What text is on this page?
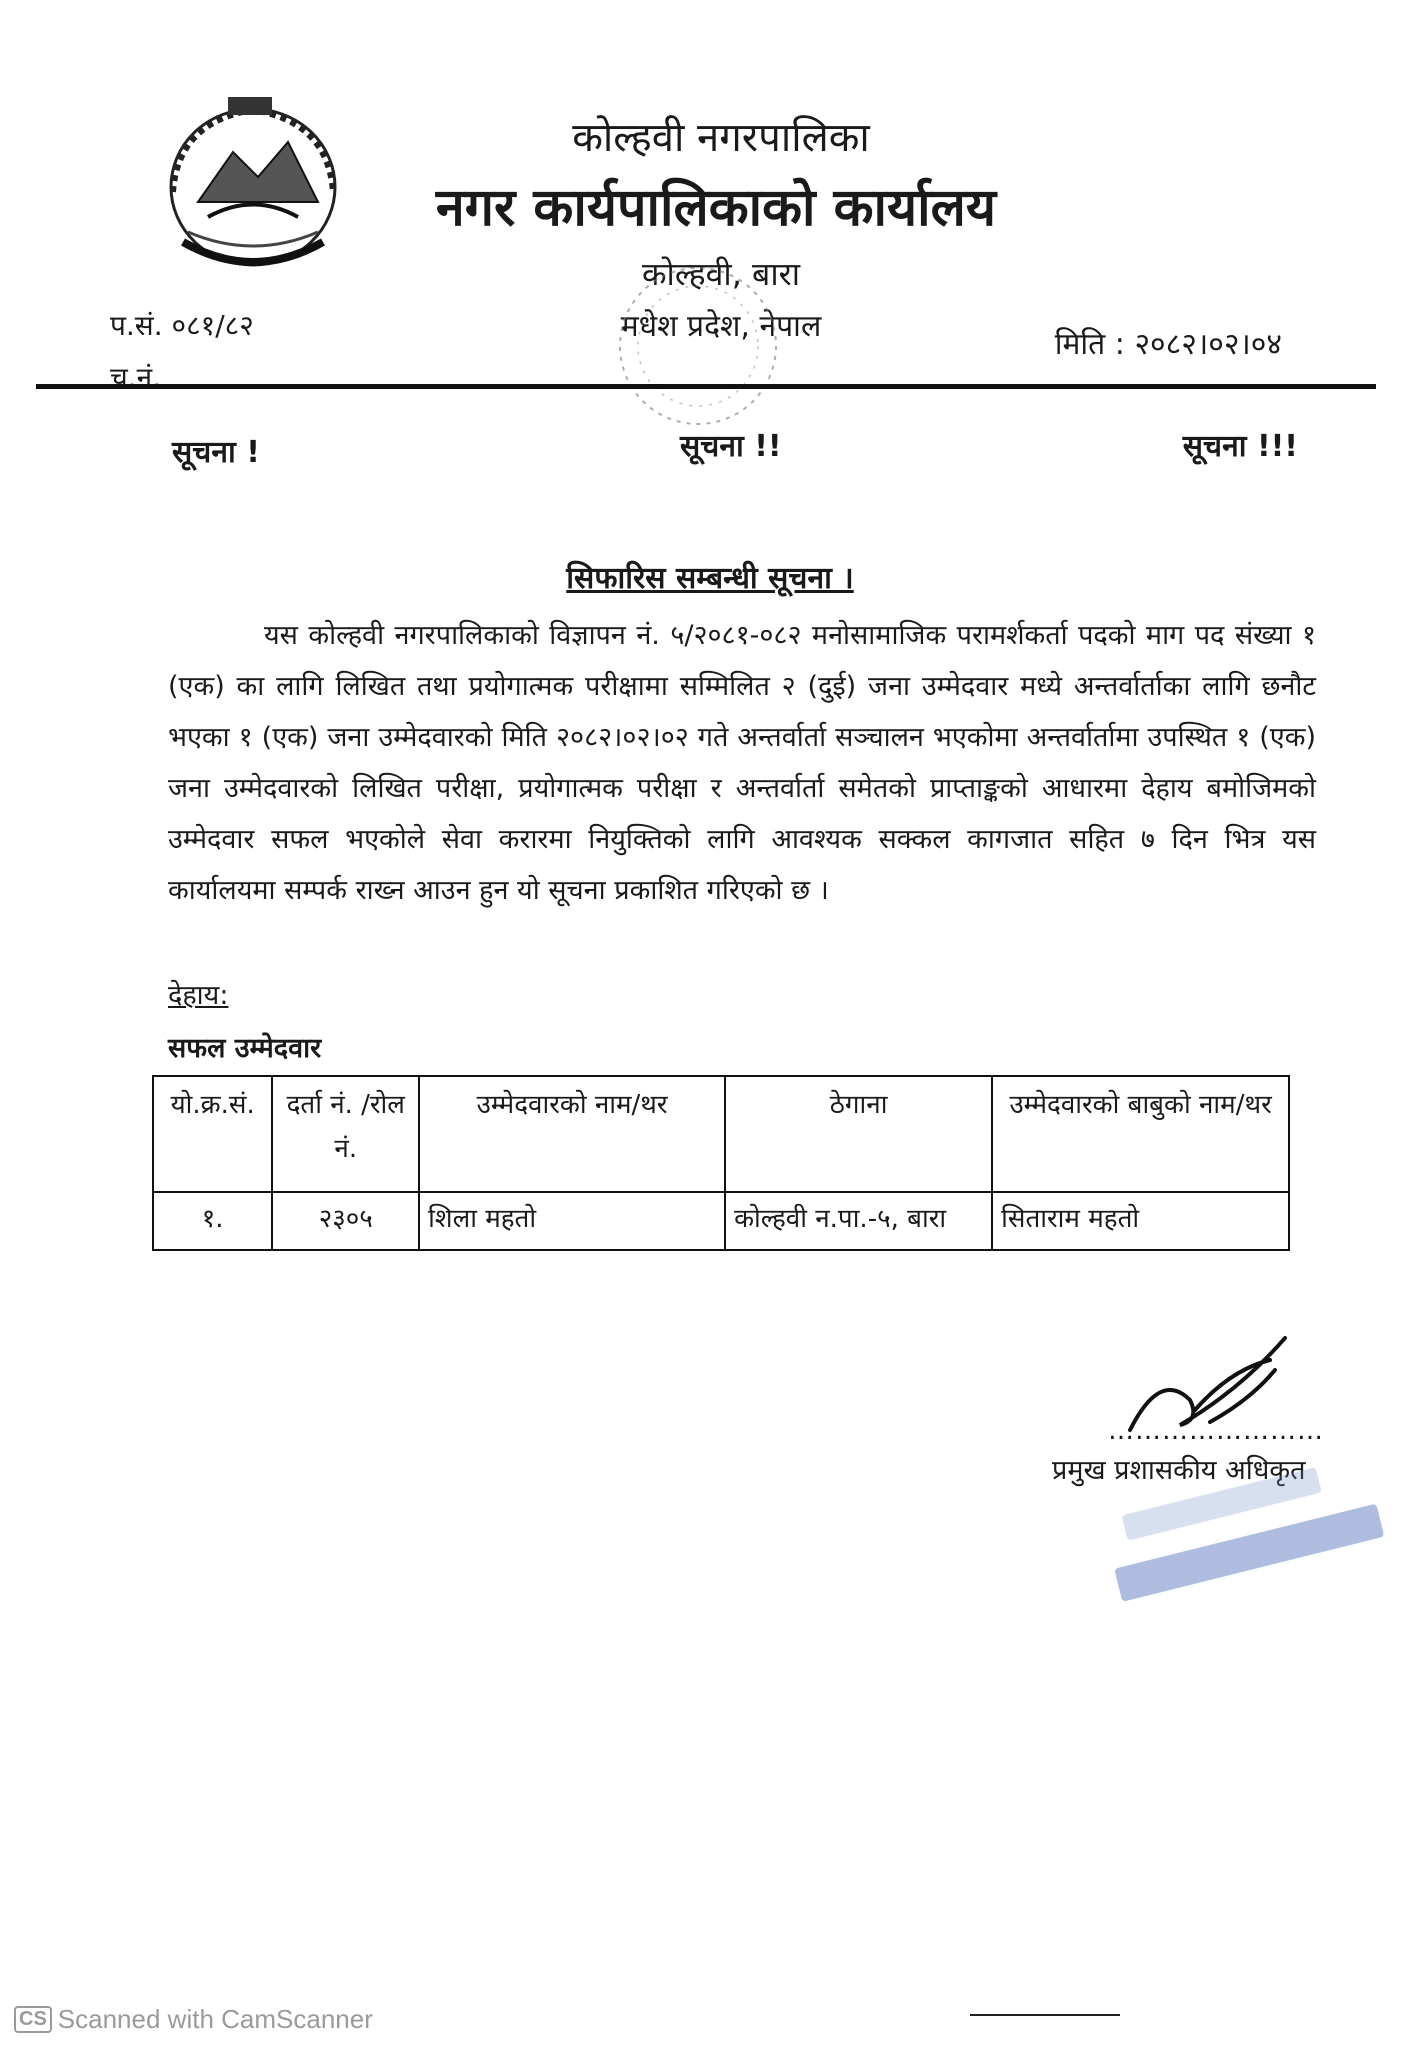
कोल्हवी नगरपालिका
नगर कार्यपालिकाको कार्यालय
कोल्हवी, बारा
मधेश प्रदेश, नेपाल
प.सं. ०८१/८२
च.नं.
मिति : २०८२।०२।०४
सूचना !	सूचना !!	सूचना !!!
सिफारिस सम्बन्धी सूचना ।

यस कोल्हवी नगरपालिकाको विज्ञापन नं. ५/२०८१-०८२ मनोसामाजिक परामर्शकर्ता पदको माग पद संख्या १ (एक) का लागि लिखित तथा प्रयोगात्मक परीक्षामा सम्मिलित २ (दुई) जना उम्मेदवार मध्ये अन्तर्वार्ताका लागि छनौट भएका १ (एक) जना उम्मेदवारको मिति २०८२।०२।०२ गते अन्तर्वार्ता सञ्चालन भएकोमा अन्तर्वार्तामा उपस्थित १ (एक) जना उम्मेदवारको लिखित परीक्षा, प्रयोगात्मक परीक्षा र अन्तर्वार्ता समेतको प्राप्ताङ्कको आधारमा देहाय बमोजिमको उम्मेदवार सफल भएकोले सेवा करारमा नियुक्तिको लागि आवश्यक सक्कल कागजात सहित ७ दिन भित्र यस कार्यालयमा सम्पर्क राख्न आउन हुन यो सूचना प्रकाशित गरिएको छ ।

देहाय:
सफल उम्मेदवार
यो.क्र.सं.	दर्ता नं. /रोल नं.	उम्मेदवारको नाम/थर	ठेगाना	उम्मेदवारको बाबुको नाम/थर
१.	२३०५	शिला महतो	कोल्हवी न.पा.-५, बारा	सिताराम महतो
……………………
प्रमुख प्रशासकीय अधिकृत
CS Scanned with CamScanner
